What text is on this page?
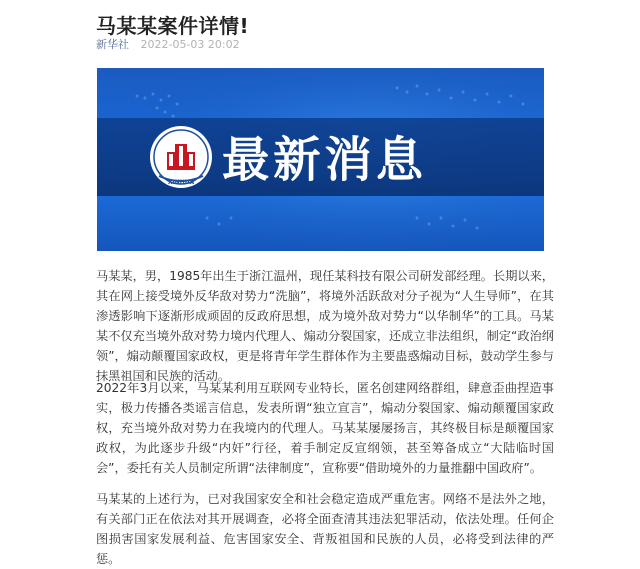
马某某案件详情!
新华社 2022-05-03 20:02
XINHUA 最新消息

马某某，男，1985年出生于浙江温州，现任某科技有限公司研发部经理。长期以来，其在网上接受境外反华敌对势力“洗脑”，将境外活跃敌对分子视为“人生导师”，在其渗透影响下逐渐形成顽固的反政府思想，成为境外敌对势力“以华制华”的工具。马某某不仅充当境外敌对势力境内代理人、煽动分裂国家，还成立非法组织，制定“政治纲领”，煽动颠覆国家政权，更是将青年学生群体作为主要蛊惑煽动目标，鼓动学生参与抹黑祖国和民族的活动。

2022年3月以来，马某某利用互联网专业特长，匿名创建网络群组，肆意歪曲捏造事实，极力传播各类谣言信息，发表所谓“独立宣言”，煽动分裂国家、煽动颠覆国家政权，充当境外敌对势力在我境内的代理人。马某某屡屡扬言，其终极目标是颠覆国家政权，为此逐步升级“内奸”行径，着手制定反宣纲领，甚至筹备成立“大陆临时国会”，委托有关人员制定所谓“法律制度”，宣称要“借助境外的力量推翻中国政府”。

马某某的上述行为，已对我国家安全和社会稳定造成严重危害。网络不是法外之地，有关部门正在依法对其开展调查，必将全面查清其违法犯罪活动，依法处理。任何企图损害国家发展利益、危害国家安全、背叛祖国和民族的人员，必将受到法律的严惩。
